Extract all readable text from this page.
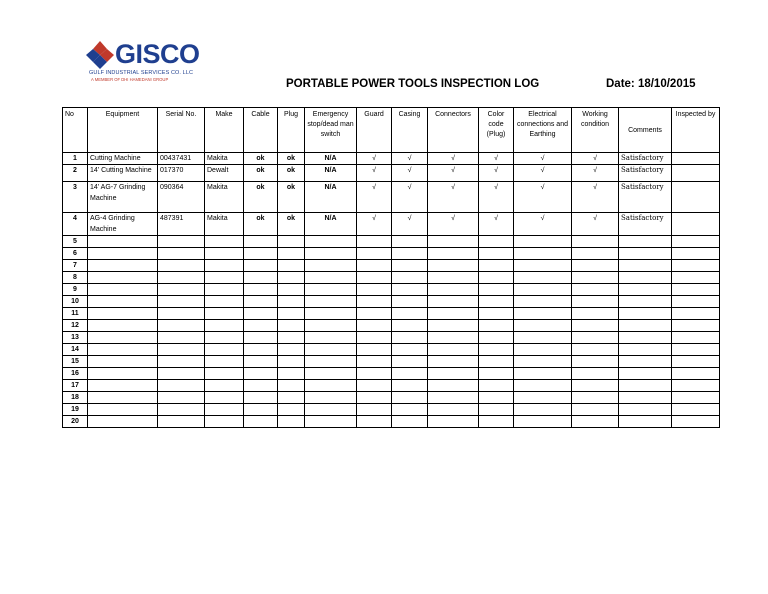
GISCO
GULF INDUSTRIAL SERVICES CO. LLC
A MEMBER OF DHI HAMEDANI GROUP	PORTABLE POWER TOOLS INSPECTION LOG	Date: 18/10/2015
No	Equipment	Serial No.	Make	Cable	Plug	Emergency stop/dead man switch	Guard	Casing	Connectors	Color code (Plug)	Electrical connections and Earthing	Working condition	Comments	Inspected by
1	Cutting Machine	00437431	Makita	ok	ok	N/A	√	√	√	√	√	√	Satisfactory	
2	14' Cutting Machine	017370	Dewalt	ok	ok	N/A	√	√	√	√	√	√	Satisfactory	
3	14' AG-7 Grinding Machine	090364	Makita	ok	ok	N/A	√	√	√	√	√	√	Satisfactory	
4	AG-4 Grinding Machine	487391	Makita	ok	ok	N/A	√	√	√	√	√	√	Satisfactory	
5														
6														
7														
8														
9														
10														
11														
12														
13														
14														
15														
16														
17														
18														
19														
20														
